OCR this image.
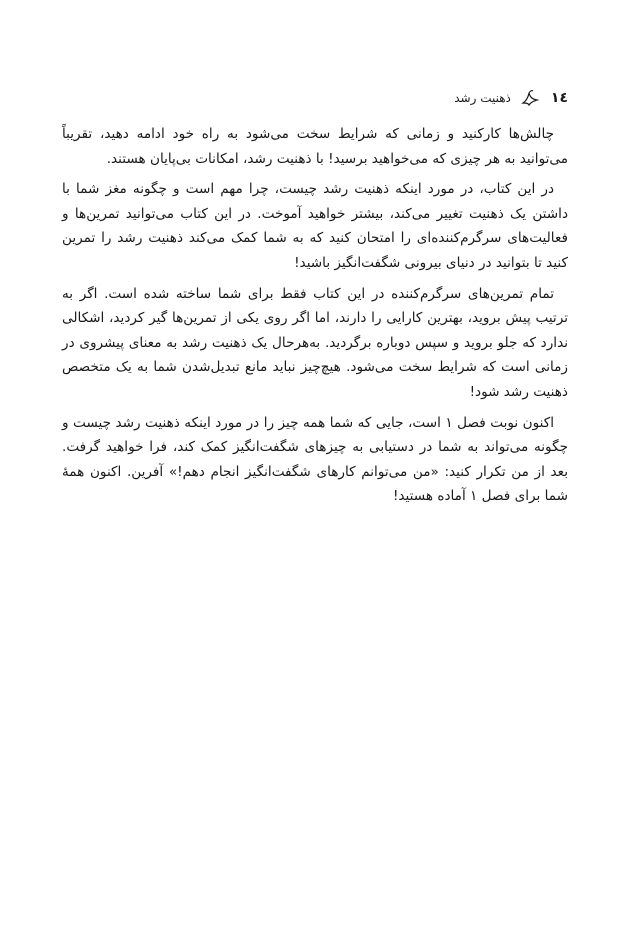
١٤
ذهنیت رشد

چالش‌ها کارکنید و زمانی که شرایط سخت می‌شود به راه خود ادامه دهید، تقریباً می‌توانید به هر چیزی که می‌خواهید برسید! با ذهنیت رشد، امکانات بی‌پایان هستند.

در این کتاب، در مورد اینکه ذهنیت رشد چیست، چرا مهم است و چگونه مغز شما با داشتن یک ذهنیت تغییر می‌کند، بیشتر خواهید آموخت. در این کتاب می‌توانید تمرین‌ها و فعالیت‌های سرگرم‌کننده‌ای را امتحان کنید که به شما کمک می‌کند ذهنیت رشد را تمرین کنید تا بتوانید در دنیای بیرونی شگفت‌انگیز باشید!

تمام تمرین‌های سرگرم‌کننده در این کتاب فقط برای شما ساخته شده است. اگر به ترتیب پیش بروید، بهترین کارایی را دارند، اما اگر روی یکی از تمرین‌ها گیر کردید، اشکالی ندارد که جلو بروید و سپس دوباره برگردید. به‌هرحال یک ذهنیت رشد به معنای پیشروی در زمانی است که شرایط سخت می‌شود. هیچ‌چیز نباید مانع تبدیل‌شدن شما به یک متخصص ذهنیت رشد شود!

اکنون نوبت فصل ۱ است، جایی که شما همه چیز را در مورد اینکه ذهنیت رشد چیست و چگونه می‌تواند به شما در دستیابی به چیزهای شگفت‌انگیز کمک کند، فرا خواهید گرفت. بعد از من تکرار کنید: «من می‌توانم کارهای شگفت‌انگیز انجام دهم!» آفرین. اکنون همهٔ شما برای فصل ۱ آماده هستید!
